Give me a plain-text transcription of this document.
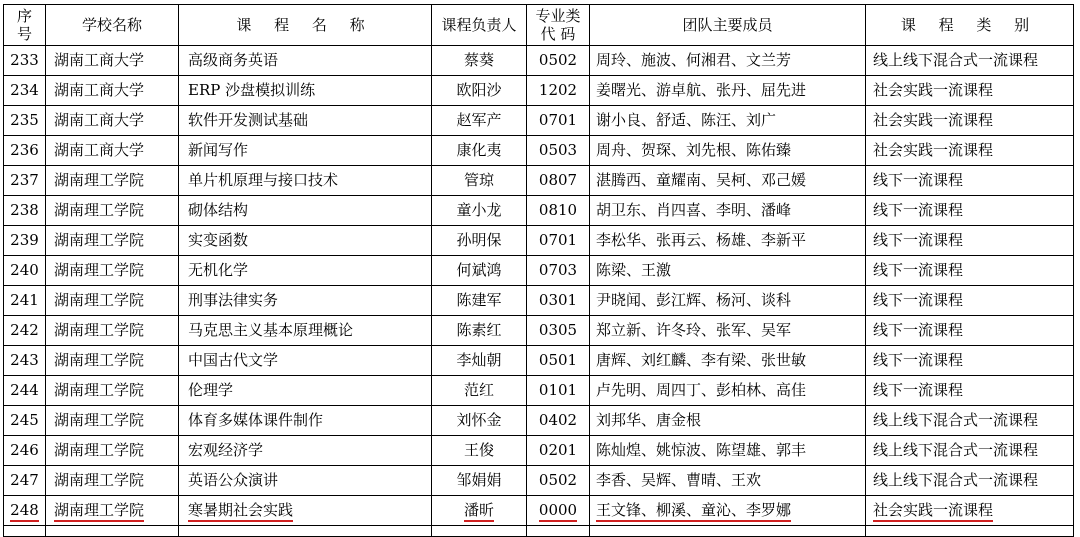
序号	学校名称	课 程 名 称	课程负责人	专业类代 码	团队主要成员	课 程 类 别
233	湖南工商大学	高级商务英语	蔡葵	0502	周玲、施波、何湘君、文兰芳	线上线下混合式一流课程
234	湖南工商大学	ERP 沙盘模拟训练	欧阳沙	1202	姜曙光、游卓航、张丹、屈先进	社会实践一流课程
235	湖南工商大学	软件开发测试基础	赵军产	0701	谢小良、舒适、陈汪、刘广	社会实践一流课程
236	湖南工商大学	新闻写作	康化夷	0503	周舟、贺琛、刘先根、陈佑臻	社会实践一流课程
237	湖南理工学院	单片机原理与接口技术	管琼	0807	湛腾西、童耀南、吴柯、邓己媛	线下一流课程
238	湖南理工学院	砌体结构	童小龙	0810	胡卫东、肖四喜、李明、潘峰	线下一流课程
239	湖南理工学院	实变函数	孙明保	0701	李松华、张再云、杨雄、李新平	线下一流课程
240	湖南理工学院	无机化学	何斌鸿	0703	陈梁、王激	线下一流课程
241	湖南理工学院	刑事法律实务	陈建军	0301	尹晓闻、彭江辉、杨河、谈科	线下一流课程
242	湖南理工学院	马克思主义基本原理概论	陈素红	0305	郑立新、许冬玲、张军、吴军	线下一流课程
243	湖南理工学院	中国古代文学	李灿朝	0501	唐辉、刘红麟、李有梁、张世敏	线下一流课程
244	湖南理工学院	伦理学	范红	0101	卢先明、周四丁、彭柏林、高佳	线下一流课程
245	湖南理工学院	体育多媒体课件制作	刘怀金	0402	刘邦华、唐金根	线上线下混合式一流课程
246	湖南理工学院	宏观经济学	王俊	0201	陈灿煌、姚惊波、陈望雄、郭丰	线上线下混合式一流课程
247	湖南理工学院	英语公众演讲	邹娟娟	0502	李香、吴辉、曹晴、王欢	线上线下混合式一流课程
248	湖南理工学院	寒暑期社会实践	潘昕	0000	王文锋、柳溪、童沁、李罗娜	社会实践一流课程
